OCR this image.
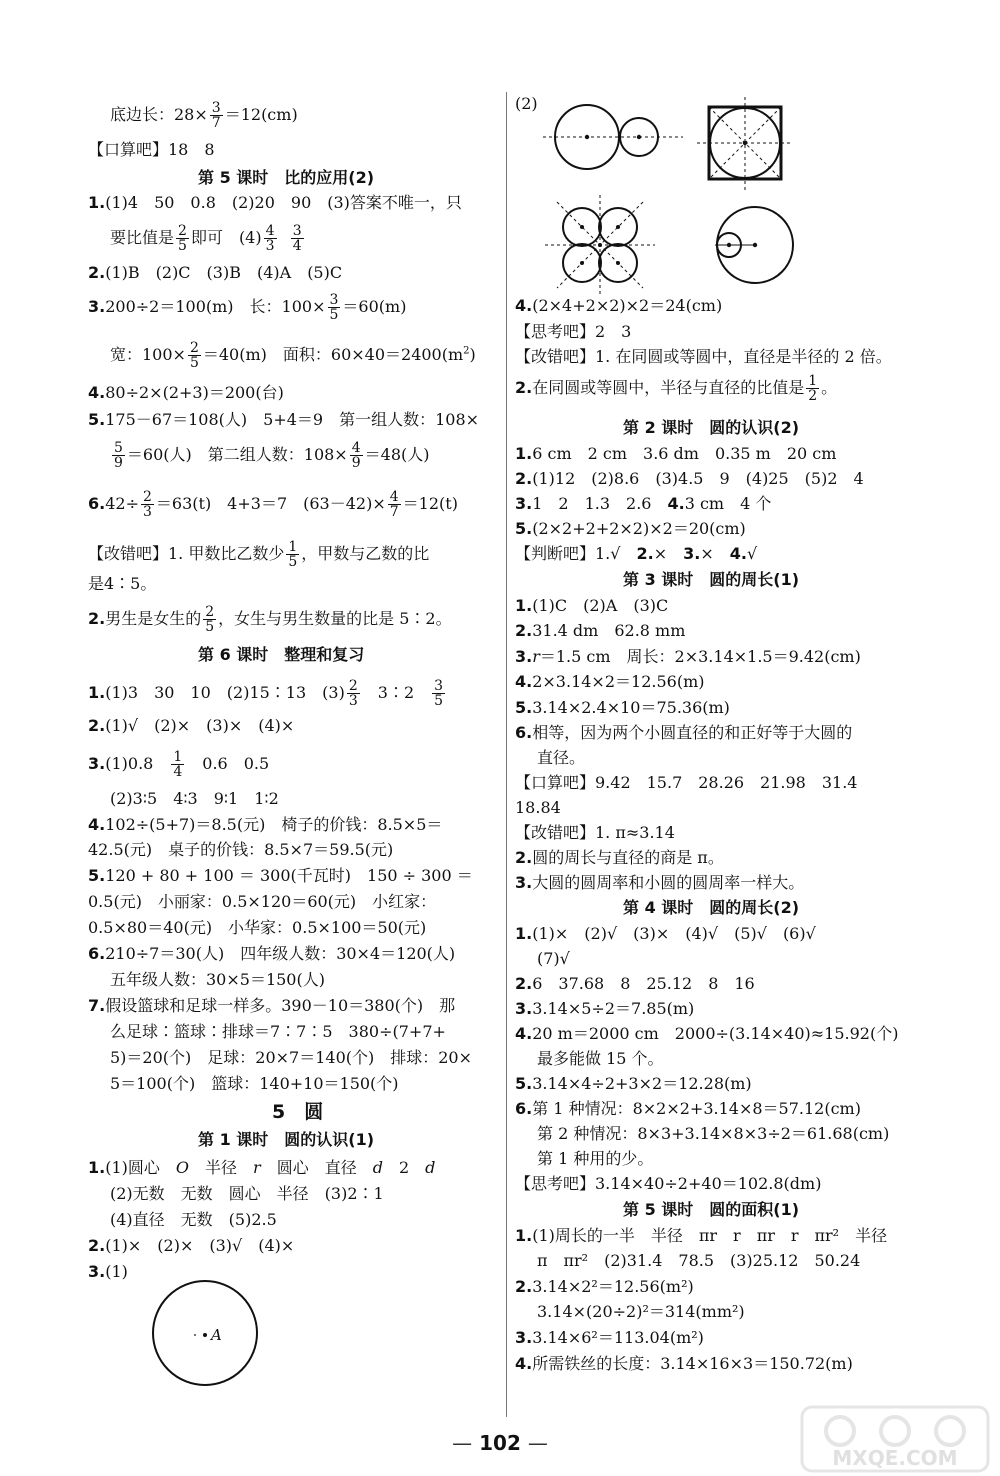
底边长：$28\times \frac{3}{7} =12(cm)$
【口算吧】18　8
第 5 课时　比的应用(2)
1.(1)4　50　0.8　(2)20　90　(3)答案不唯一，只
要比值是 $\frac{2}{5}$ 即可　$(4) \frac{4}{3}$
$\frac{3}{4}$
2.(1)B　(2)C　(3)B　(4)A　(5)C
3.200÷2＝100(m)　长：$100\times \frac{3}{5} =60(m)$
宽：$100\times \frac{2}{5} =40(m)$　面积：$60\times 40=2400(m^2)$
4.80÷2×(2+3)＝200(台)
5.175－67＝108(人)　5+4＝9　第一组人数：108×
$\frac{5}{9} =60$(人)　第二组人数：$108\times \frac{4}{9} =48$(人)
$6.42\div \frac{2}{3} =63(t)$　4+3＝7　$(63-42)\times \frac{4}{7} =12(t)$
【改错吧】1. 甲数比乙数少 $\frac{1}{5}$ ，甲数与乙数的比
是4∶5。
2.男生是女生的 $\frac{2}{5}$ ，女生与男生数量的比是 5∶2。
第 6 课时　整理和复习
1.(1)3　30　10　(2)15∶13　$(3) \frac{2}{3}$ 　3∶2　 $\frac{3}{5}$
2.(1)√　(2)×　(3)×　(4)×
3.(1)0.8　 $\frac{1}{4}$ 　0.6　0.5
(2)3∶5　4∶3　9∶1　1∶2
4.102÷(5+7)＝8.5(元)　椅子的价钱：8.5×5＝
42.5(元)　桌子的价钱：8.5×7＝59.5(元)
5.120 + 80 + 100 ＝ 300(千瓦时)　150 ÷ 300 ＝
0.5(元)　小丽家：0.5×120＝60(元)　小红家：
0.5×80＝40(元)　小华家：0.5×100＝50(元)
6.210÷7＝30(人)　四年级人数：30×4＝120(人)
五年级人数：30×5＝150(人)
7.假设篮球和足球一样多。390－10＝380(个)　那
么足球∶篮球∶排球＝7∶7∶5　380÷(7+7+
5)＝20(个)　足球：20×7＝140(个)　排球：20×
5＝100(个)　篮球：140+10＝150(个)
5　圆
第 1 课时　圆的认识(1)
1.(1)圆心　O　半径　r　圆心　直径　d　2　d
(2)无数　无数　圆心　半径　(3)2∶1
(4)直径　无数　(5)2.5
2.(1)×　(2)×　(3)√　(4)×
3.(1)
A
(2)
4.(2×4+2×2)×2＝24(cm)
【思考吧】2　3
【改错吧】1. 在同圆或等圆中，直径是半径的 2 倍。
2.在同圆或等圆中，半径与直径的比值是 $\frac{1}{2}$ 。
第 2 课时　圆的认识(2)
1.6 cm　2 cm　3.6 dm　0.35 m　20 cm
2.(1)12　(2)8.6　(3)4.5　9　(4)25　(5)2　4
3.1　2　1.3　2.6　4.3 cm　4 个
5.(2×2+2+2×2)×2＝20(cm)
【判断吧】1.√　2.×　3.×　4.√
第 3 课时　圆的周长(1)
1.(1)C　(2)A　(3)C
2.31.4 dm　62.8 mm
3.r＝1.5 cm　周长：2×3.14×1.5＝9.42(cm)
4.2×3.14×2＝12.56(m)
5.3.14×2.4×10＝75.36(m)
6.相等，因为两个小圆直径的和正好等于大圆的
直径。
【口算吧】9.42　15.7　28.26　21.98　31.4
18.84
【改错吧】1. π≈3.14
2.圆的周长与直径的商是 π。
3.大圆的圆周率和小圆的圆周率一样大。
第 4 课时　圆的周长(2)
1.(1)×　(2)√　(3)×　(4)√　(5)√　(6)√
(7)√
2.6　37.68　8　25.12　8　16
3.3.14×5÷2＝7.85(m)
4.20 m＝2000 cm　2000÷(3.14×40)≈15.92(个)
最多能做 15 个。
5.3.14×4÷2+3×2＝12.28(m)
6.第 1 种情况：8×2×2+3.14×8＝57.12(cm)
第 2 种情况：8×3+3.14×8×3÷2＝61.68(cm)
第 1 种用的少。
【思考吧】3.14×40÷2+40＝102.8(dm)
第 5 课时　圆的面积(1)
1.(1)周长的一半　半径　πr　r　πr　r　πr²　半径
π　πr²　(2)31.4　78.5　(3)25.12　50.24
2.3.14×2²＝12.56(m²)
3.14×(20÷2)²＝314(mm²)
3.3.14×6²＝113.04(m²)
4.所需铁丝的长度：3.14×16×3＝150.72(m)
— 102 —
MXQE.COM
